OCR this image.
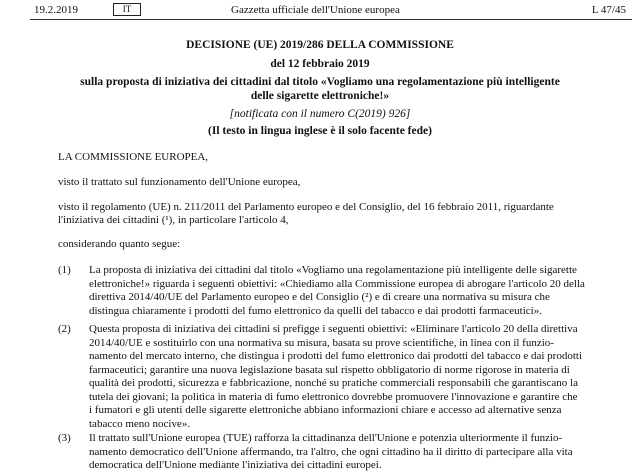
19.2.2019	IT	Gazzetta ufficiale dell'Unione europea	L 47/45
DECISIONE (UE) 2019/286 DELLA COMMISSIONE
del 12 febbraio 2019
sulla proposta di iniziativa dei cittadini dal titolo «Vogliamo una regolamentazione più intelligente
delle sigarette elettroniche!»
[notificata con il numero C(2019) 926]
(Il testo in lingua inglese è il solo facente fede)
LA COMMISSIONE EUROPEA,
visto il trattato sul funzionamento dell'Unione europea,
visto il regolamento (UE) n. 211/2011 del Parlamento europeo e del Consiglio, del 16 febbraio 2011, riguardante
l'iniziativa dei cittadini (¹), in particolare l'articolo 4,
considerando quanto segue:
(1) La proposta di iniziativa dei cittadini dal titolo «Vogliamo una regolamentazione più intelligente delle sigarette
elettroniche!» riguarda i seguenti obiettivi: «Chiediamo alla Commissione europea di abrogare l'articolo 20 della
direttiva 2014/40/UE del Parlamento europeo e del Consiglio (²) e di creare una normativa su misura che
distingua chiaramente i prodotti del fumo elettronico da quelli del tabacco e dai prodotti farmaceutici».
(2) Questa proposta di iniziativa dei cittadini si prefigge i seguenti obiettivi: «Eliminare l'articolo 20 della direttiva
2014/40/UE e sostituirlo con una normativa su misura, basata su prove scientifiche, in linea con il funzio-
namento del mercato interno, che distingua i prodotti del fumo elettronico dai prodotti del tabacco e dai prodotti
farmaceutici; garantire una nuova legislazione basata sul rispetto obbligatorio di norme rigorose in materia di
qualità dei prodotti, sicurezza e fabbricazione, nonché su pratiche commerciali responsabili che garantiscano la
tutela dei giovani; la politica in materia di fumo elettronico dovrebbe promuovere l'innovazione e garantire che
i fumatori e gli utenti delle sigarette elettroniche abbiano informazioni chiare e accesso ad alternative senza
tabacco meno nocive».
(3) Il trattato sull'Unione europea (TUE) rafforza la cittadinanza dell'Unione e potenzia ulteriormente il funzio-
namento democratico dell'Unione affermando, tra l'altro, che ogni cittadino ha il diritto di partecipare alla vita
democratica dell'Unione mediante l'iniziativa dei cittadini europei.
